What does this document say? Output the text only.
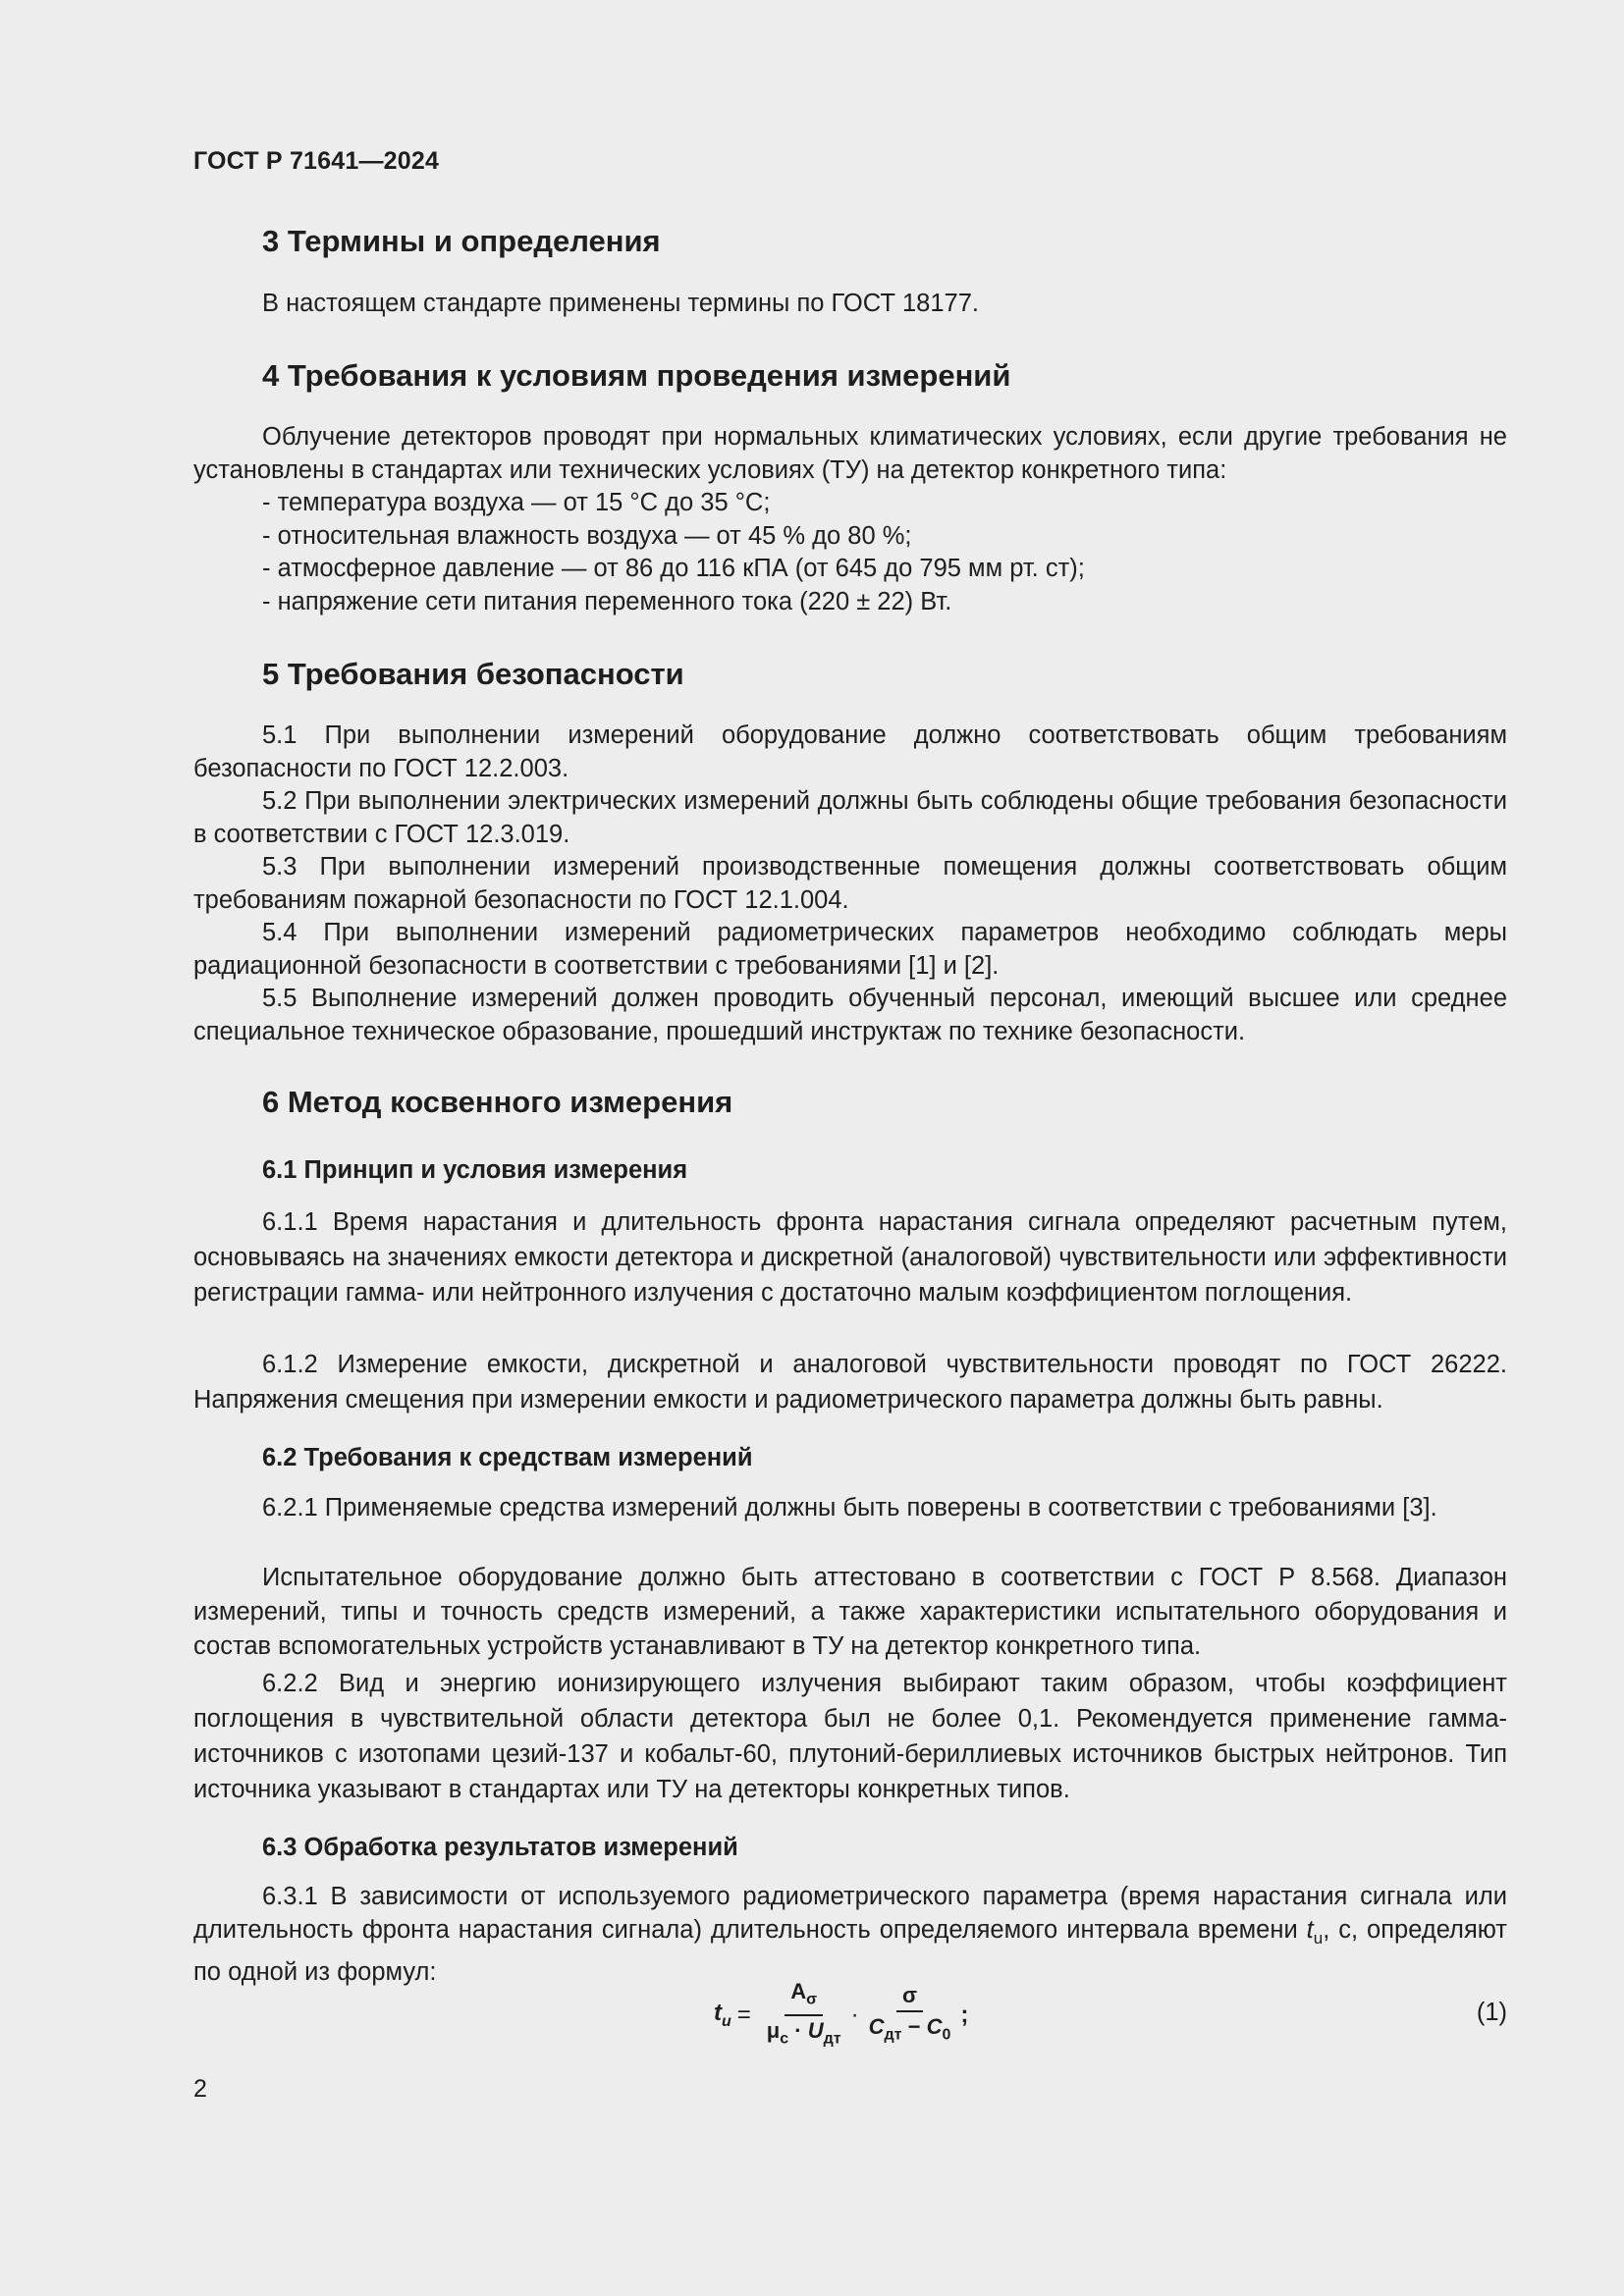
ГОСТ Р 71641—2024
3 Термины и определения

В настоящем стандарте применены термины по ГОСТ 18177.

4 Требования к условиям проведения измерений

Облучение детекторов проводят при нормальных климатических условиях, если другие требования не установлены в стандартах или технических условиях (ТУ) на детектор конкретного типа:

- температура воздуха — от 15 °С до 35 °С;

- относительная влажность воздуха — от 45 % до 80 %;

- атмосферное давление — от 86 до 116 кПА (от 645 до 795 мм рт. ст);

- напряжение сети питания переменного тока (220 ± 22) Вт.

5 Требования безопасности

5.1 При выполнении измерений оборудование должно соответствовать общим требованиям безопасности по ГОСТ 12.2.003.

5.2 При выполнении электрических измерений должны быть соблюдены общие требования безопасности в соответствии с ГОСТ 12.3.019.

5.3 При выполнении измерений производственные помещения должны соответствовать общим требованиям пожарной безопасности по ГОСТ 12.1.004.

5.4 При выполнении измерений радиометрических параметров необходимо соблюдать меры радиационной безопасности в соответствии с требованиями [1] и [2].

5.5 Выполнение измерений должен проводить обученный персонал, имеющий высшее или среднее специальное техническое образование, прошедший инструктаж по технике безопасности.

6 Метод косвенного измерения
6.1 Принцип и условия измерения

6.1.1 Время нарастания и длительность фронта нарастания сигнала определяют расчетным путем, основываясь на значениях емкости детектора и дискретной (аналоговой) чувствительности или эффективности регистрации гамма- или нейтронного излучения с достаточно малым коэффициентом поглощения.

6.1.2 Измерение емкости, дискретной и аналоговой чувствительности проводят по ГОСТ 26222. Напряжения смещения при измерении емкости и радиометрического параметра должны быть равны.

6.2 Требования к средствам измерений

6.2.1 Применяемые средства измерений должны быть поверены в соответствии с требованиями [3].

Испытательное оборудование должно быть аттестовано в соответствии с ГОСТ Р 8.568. Диапазон измерений, типы и точность средств измерений, а также характеристики испытательного оборудования и состав вспомогательных устройств устанавливают в ТУ на детектор конкретного типа.

6.2.2 Вид и энергию ионизирующего излучения выбирают таким образом, чтобы коэффициент поглощения в чувствительной области детектора был не более 0,1. Рекомендуется применение гамма-источников с изотопами цезий-137 и кобальт-60, плутоний-бериллиевых источников быстрых нейтронов. Тип источника указывают в стандартах или ТУ на детекторы конкретных типов.

6.3 Обработка результатов измерений

6.3.1 В зависимости от используемого радиометрического параметра (время нарастания сигнала или длительность фронта нарастания сигнала) длительность определяемого интервала времени $t_u$, с, определяют по одной из формул:

$t_u = \frac{A_\sigma}{\mu_с \cdot U_{дт}} \cdot \frac{\sigma}{C_{дт} - C_0}$ ;	(1)
2
